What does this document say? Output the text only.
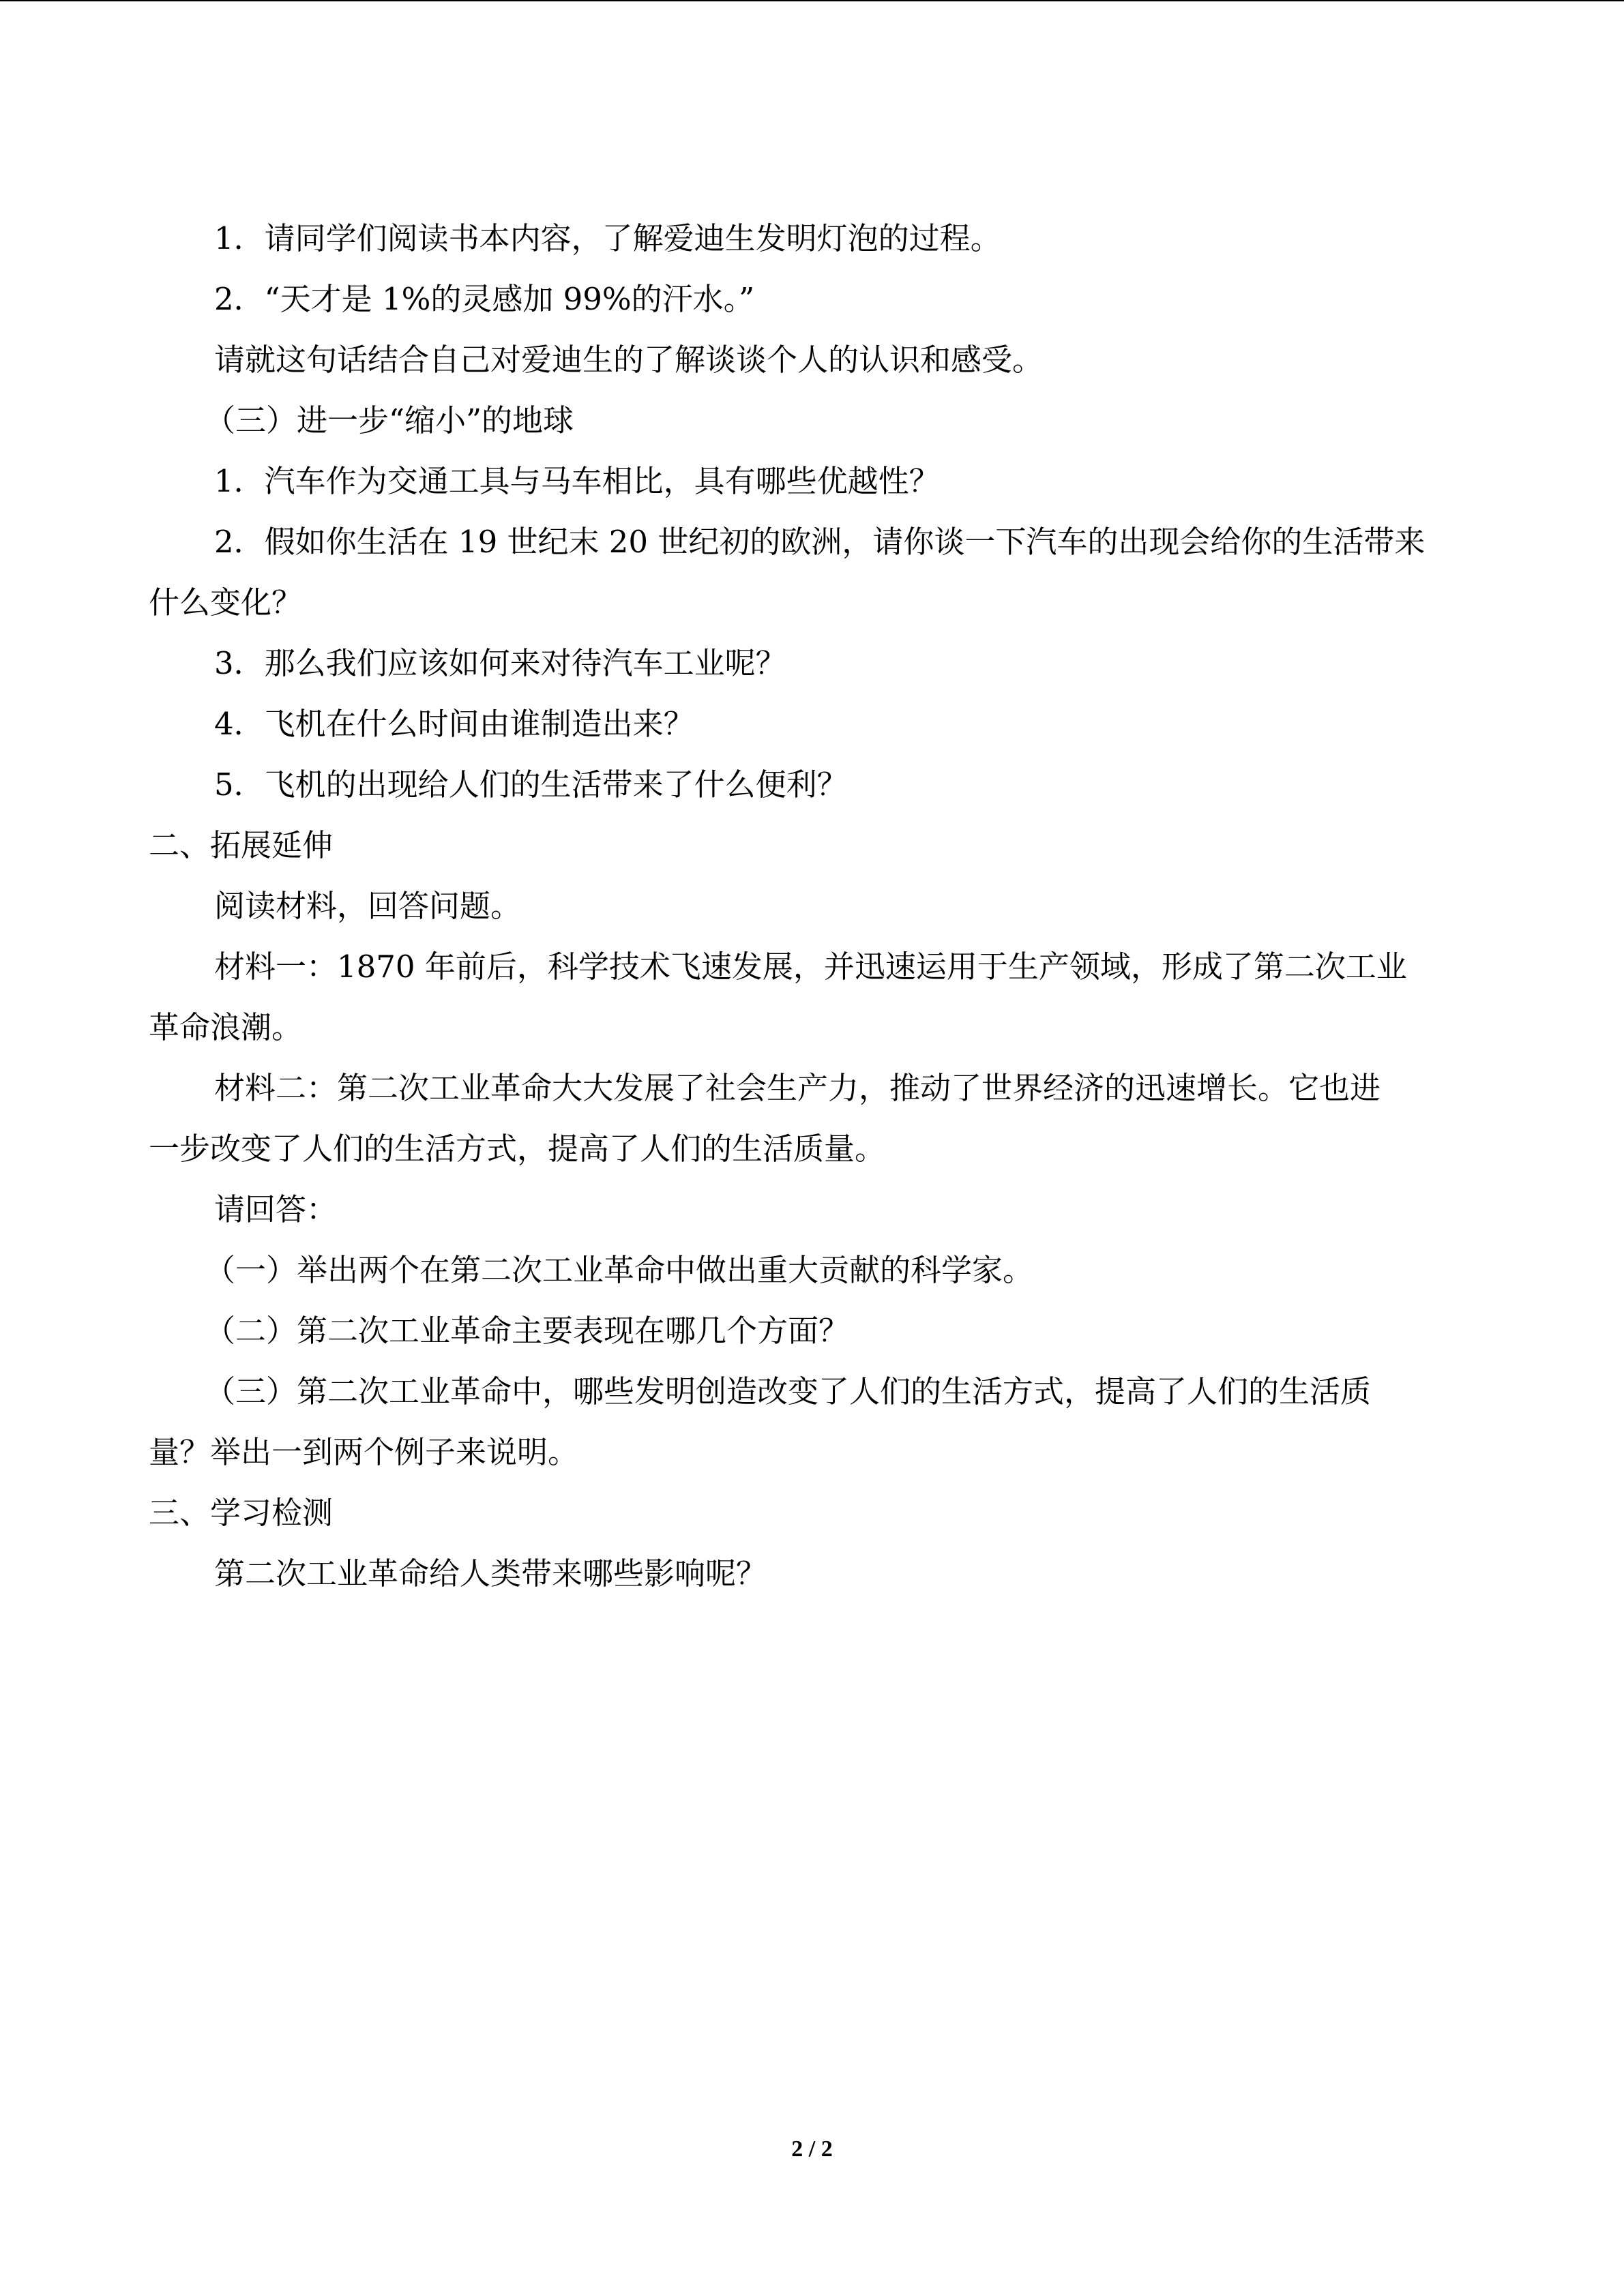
1．请同学们阅读书本内容，了解爱迪生发明灯泡的过程。

2．“天才是 1%的灵感加 99%的汗水。”

请就这句话结合自己对爱迪生的了解谈谈个人的认识和感受。

（三）进一步“缩小”的地球

1．汽车作为交通工具与马车相比，具有哪些优越性？

2．假如你生活在 19 世纪末 20 世纪初的欧洲，请你谈一下汽车的出现会给你的生活带来
什么变化？

3．那么我们应该如何来对待汽车工业呢？

4．飞机在什么时间由谁制造出来？

5．飞机的出现给人们的生活带来了什么便利？

二、拓展延伸

阅读材料，回答问题。

材料一：1870 年前后，科学技术飞速发展，并迅速运用于生产领域，形成了第二次工业
革命浪潮。
材料二：第二次工业革命大大发展了社会生产力，推动了世界经济的迅速增长。它也进
一步改变了人们的生活方式，提高了人们的生活质量。

请回答：

（一）举出两个在第二次工业革命中做出重大贡献的科学家。

（二）第二次工业革命主要表现在哪几个方面？

（三）第二次工业革命中，哪些发明创造改变了人们的生活方式，提高了人们的生活质
量？举出一到两个例子来说明。

三、学习检测

第二次工业革命给人类带来哪些影响呢？

2 / 2
